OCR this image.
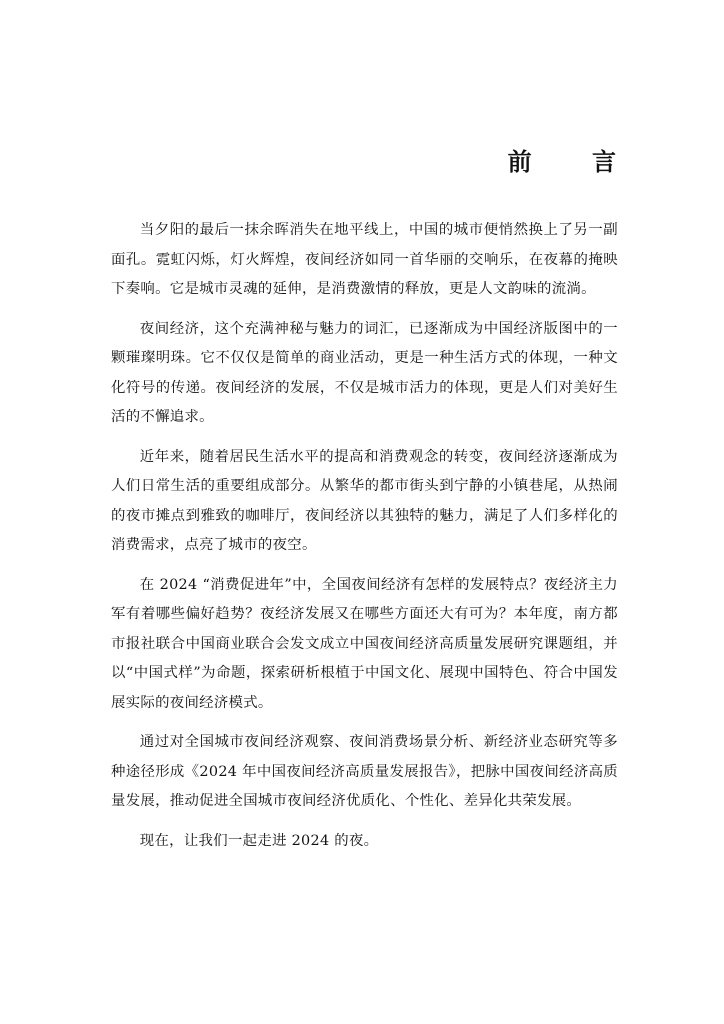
前 言

当夕阳的最后一抹余晖消失在地平线上，中国的城市便悄然换上了另一副面孔。霓虹闪烁，灯火辉煌，夜间经济如同一首华丽的交响乐，在夜幕的掩映下奏响。它是城市灵魂的延伸，是消费激情的释放，更是人文韵味的流淌。

夜间经济，这个充满神秘与魅力的词汇，已逐渐成为中国经济版图中的一颗璀璨明珠。它不仅仅是简单的商业活动，更是一种生活方式的体现，一种文化符号的传递。夜间经济的发展，不仅是城市活力的体现，更是人们对美好生活的不懈追求。

近年来，随着居民生活水平的提高和消费观念的转变，夜间经济逐渐成为人们日常生活的重要组成部分。从繁华的都市街头到宁静的小镇巷尾，从热闹的夜市摊点到雅致的咖啡厅，夜间经济以其独特的魅力，满足了人们多样化的消费需求，点亮了城市的夜空。

在 2024 “消费促进年”中，全国夜间经济有怎样的发展特点？夜经济主力军有着哪些偏好趋势？夜经济发展又在哪些方面还大有可为？本年度，南方都市报社联合中国商业联合会发文成立中国夜间经济高质量发展研究课题组，并以“中国式样”为命题，探索研析根植于中国文化、展现中国特色、符合中国发展实际的夜间经济模式。

通过对全国城市夜间经济观察、夜间消费场景分析、新经济业态研究等多种途径形成《2024 年中国夜间经济高质量发展报告》，把脉中国夜间经济高质量发展，推动促进全国城市夜间经济优质化、个性化、差异化共荣发展。

现在，让我们一起走进 2024 的夜。
